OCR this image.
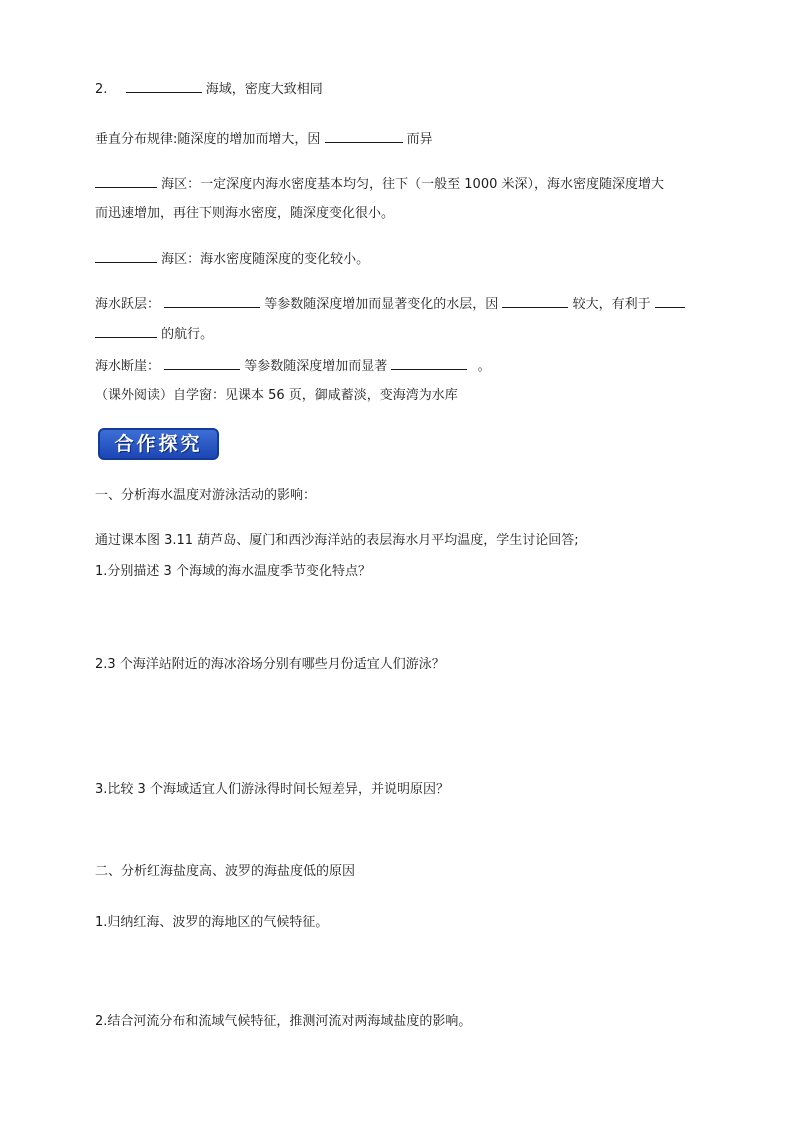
2.	海域，密度大致相同
垂直分布规律:随深度的增加而增大，因	而异
海区：一定深度内海水密度基本均匀，往下（一般至 1000 米深），海水密度随深度增大
而迅速增加，再往下则海水密度，随深度变化很小。
海区：海水密度随深度的变化较小。
海水跃层：	等参数随深度增加而显著变化的水层，因	较大，有利于
的航行。
海水断崖：	等参数随深度增加而显著	。
（课外阅读）自学窗：见课本 56 页，御咸蓄淡，变海湾为水库
合作探究
一、分析海水温度对游泳活动的影响：
通过课本图 3.11 葫芦岛、厦门和西沙海洋站的表层海水月平均温度，学生讨论回答;
1.分别描述 3 个海域的海水温度季节变化特点？
2.3 个海洋站附近的海冰浴场分别有哪些月份适宜人们游泳？
3.比较 3 个海域适宜人们游泳得时间长短差异，并说明原因？
二、分析红海盐度高、波罗的海盐度低的原因
1.归纳红海、波罗的海地区的气候特征。
2.结合河流分布和流域气候特征，推测河流对两海域盐度的影响。
